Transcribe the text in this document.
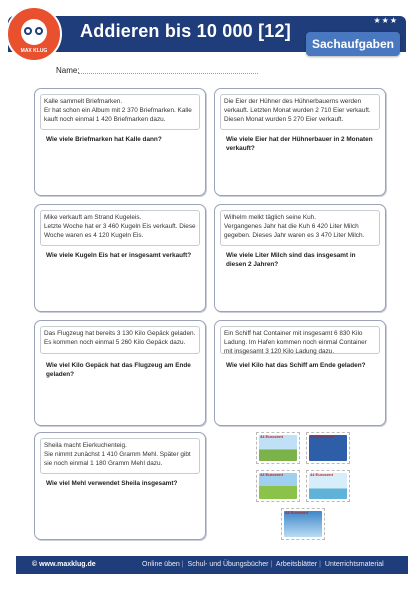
Addieren bis 10 000 [12]
★★★
MAX KLUG	Sachaufgaben
Name:
Kalle sammelt Briefmarken.
Er hat schon ein Album mit 2 370 Briefmarken. Kalle kauft noch einmal 1 420 Briefmarken dazu.
Wie viele Briefmarken hat Kalle dann?
Die Eier der Hühner des Hühnerbauerns werden verkauft. Letzten Monat wurden 2 710 Eier verkauft. Diesen Monat wurden 5 270 Eier verkauft.
Wie viele Eier hat der Hühnerbauer in 2 Monaten verkauft?
Mike verkauft am Strand Kugeleis.
Letzte Woche hat er 3 460 Kugeln Eis verkauft. Diese Woche waren es 4 120 Kugeln Eis.
Wie viele Kugeln Eis hat er insgesamt verkauft?
Wilhelm melkt täglich seine Kuh.
Vergangenes Jahr hat die Kuh 6 420 Liter Milch gegeben. Dieses Jahr waren es 3 470 Liter Milch.
Wie viele Liter Milch sind das insgesamt in diesen 2 Jahren?
Das Flugzeug hat bereits 3 130 Kilo Gepäck geladen. Es kommen noch einmal 5 260 Kilo Gepäck dazu.
Wie viel Kilo Gepäck hat das Flugzeug am Ende geladen?
Ein Schiff hat Container mit insgesamt 6 830 Kilo Ladung. Im Hafen kommen noch einmal Container mit insgesamt 3 120 Kilo Ladung dazu.
Wie viel Kilo hat das Schiff am Ende geladen?
Sheila macht Eierkuchenteig.
Sie nimmt zunächst 1 410 Gramm Mehl. Später gibt sie noch einmal 1 180 Gramm Mehl dazu.
Wie viel Mehl verwendet Sheila insgesamt?
44 Eurocent	44 Eurocent
44 Eurocent	44 Eurocent
44 Eurocent
© www.maxklug.de	Online üben | Schul- und Übungsbücher | Arbeitsblätter | Unterrichtsmaterial
